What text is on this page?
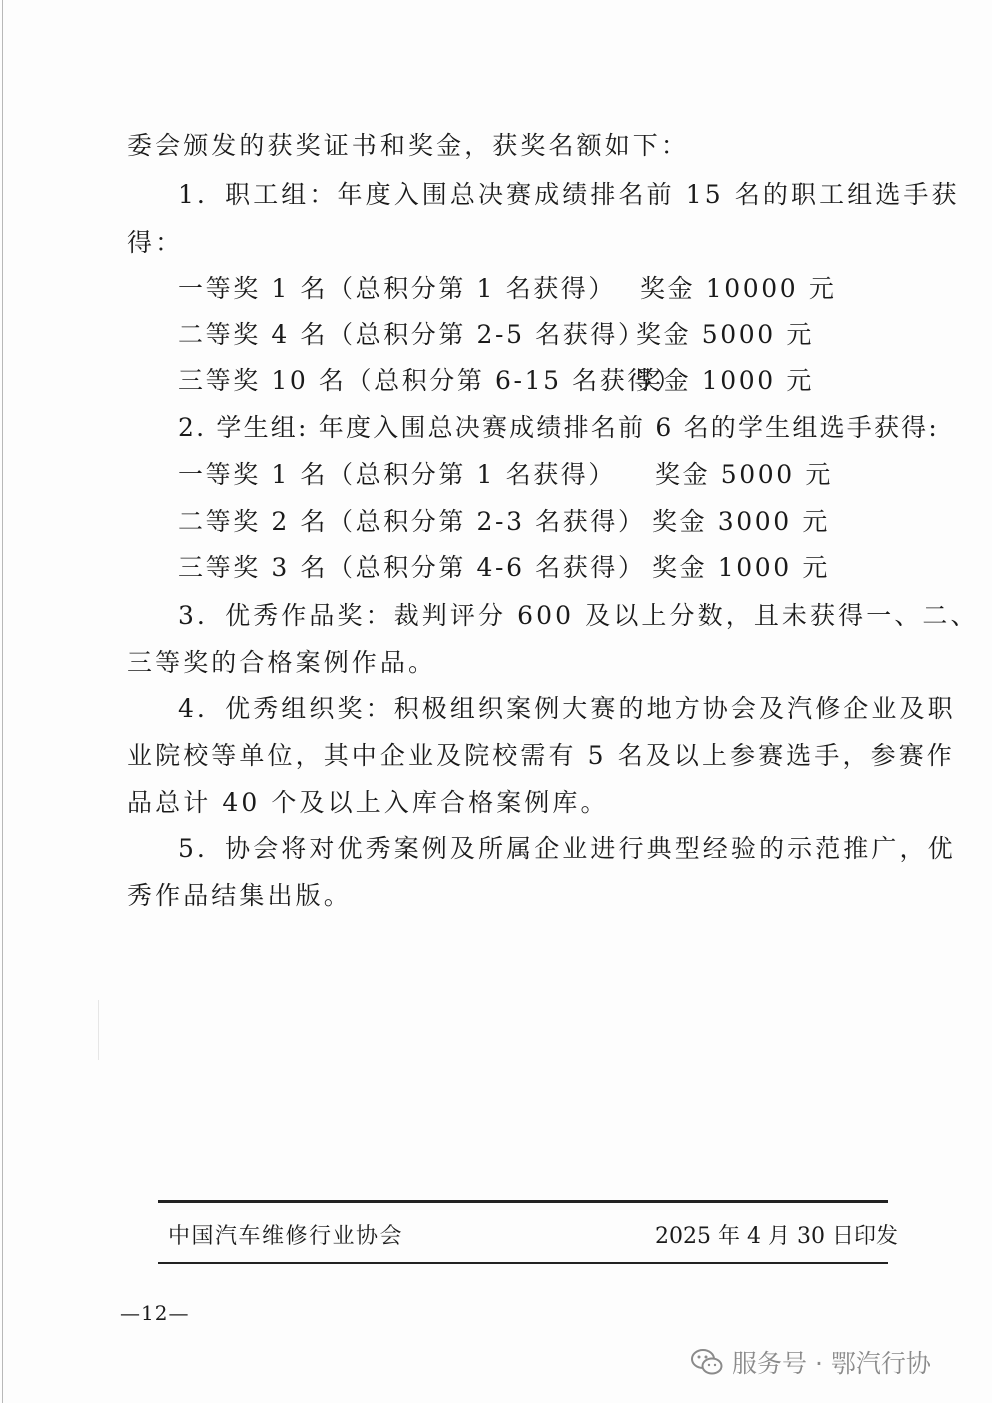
委会颁发的获奖证书和奖金，获奖名额如下：
1．职工组：年度入围总决赛成绩排名前 15 名的职工组选手获
得：
一等奖 1 名（总积分第 1 名获得） 奖金 10000 元
二等奖 4 名（总积分第 2-5 名获得）
奖金 5000 元
三等奖 10 名（总积分第 6-15 名获得）
奖金 1000 元
2. 学生组: 年度入围总决赛成绩排名前 6 名的学生组选手获得:
一等奖 1 名（总积分第 1 名获得） 奖金 5000 元
二等奖 2 名（总积分第 2-3 名获得） 奖金 3000 元
三等奖 3 名（总积分第 4-6 名获得） 奖金 1000 元
3．优秀作品奖：裁判评分 600 及以上分数，且未获得一、二、
三等奖的合格案例作品。
4．优秀组织奖：积极组织案例大赛的地方协会及汽修企业及职
业院校等单位，其中企业及院校需有 5 名及以上参赛选手，参赛作
品总计 40 个及以上入库合格案例库。
5．协会将对优秀案例及所属企业进行典型经验的示范推广，优
秀作品结集出版。
中国汽车维修行业协会	2025 年 4 月 30 日印发
—12—
服务号 · 鄂汽行协
